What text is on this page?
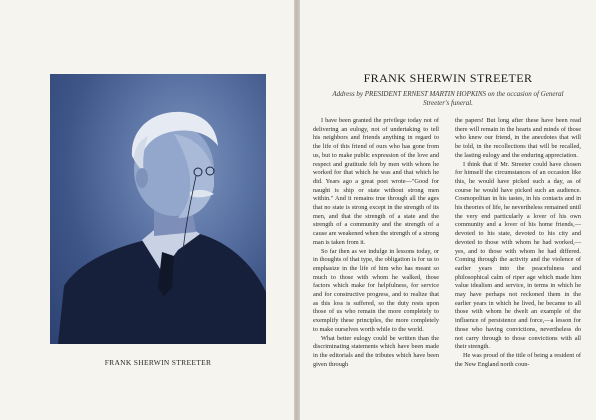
FRANK SHERWIN STREETER
FRANK SHERWIN STREETER
Address by PRESIDENT ERNEST MARTIN HOPKINS on the occasion of General Streeter's funeral.

I have been granted the privilege today not of delivering an eulogy, not of undertaking to tell his neighbors and friends anything in regard to the life of this friend of ours who has gone from us, but to make public expression of the love and respect and gratitude felt by men with whom he worked for that which he was and that which he did. Years ago a great poet wrote—"Good for naught is ship or state without strong men within." And it remains true through all the ages that no state is strong except in the strength of its men, and that the strength of a state and the strength of a community and the strength of a cause are weakened when the strength of a strong man is taken from it.

So far then as we indulge in lessons today, or in thoughts of that type, the obligation is for us to emphasize in the life of him who has meant so much to those with whom he walked, those factors which make for helpfulness, for service and for constructive progress, and to realize that as this loss is suffered, so the duty rests upon those of us who remain the more completely to exemplify these principles, the more completely to make ourselves worth while to the world.

What better eulogy could be written than the discriminating statements which have been made in the editorials and the tributes which have been given through

the papers! But long after these have been read there will remain in the hearts and minds of those who knew our friend, in the anecdotes that will be told, in the recollections that will be recalled, the lasting eulogy and the enduring appreciation.

I think that if Mr. Streeter could have chosen for himself the circumstances of an occasion like this, he would have picked such a day, as of course he would have picked such an audience. Cosmopolitan in his tastes, in his contacts and in his theories of life, he nevertheless remained until the very end particularly a lover of his own community and a lover of his home friends,—devoted to his state, devoted to his city and devoted to those with whom he had worked,—yes, and to those with whom he had differed. Coming through the activity and the violence of earlier years into the peacefulness and philosophical calm of riper age which made him value idealism and service, in terms in which he may have perhaps not reckoned them in the earlier years in which he lived, he became to all those with whom he dwelt an example of the influence of persistence and force,—a lesson for those who having convictions, nevertheless do not carry through to those convictions with all their strength.

He was proud of the title of being a resident of the New England north coun-
